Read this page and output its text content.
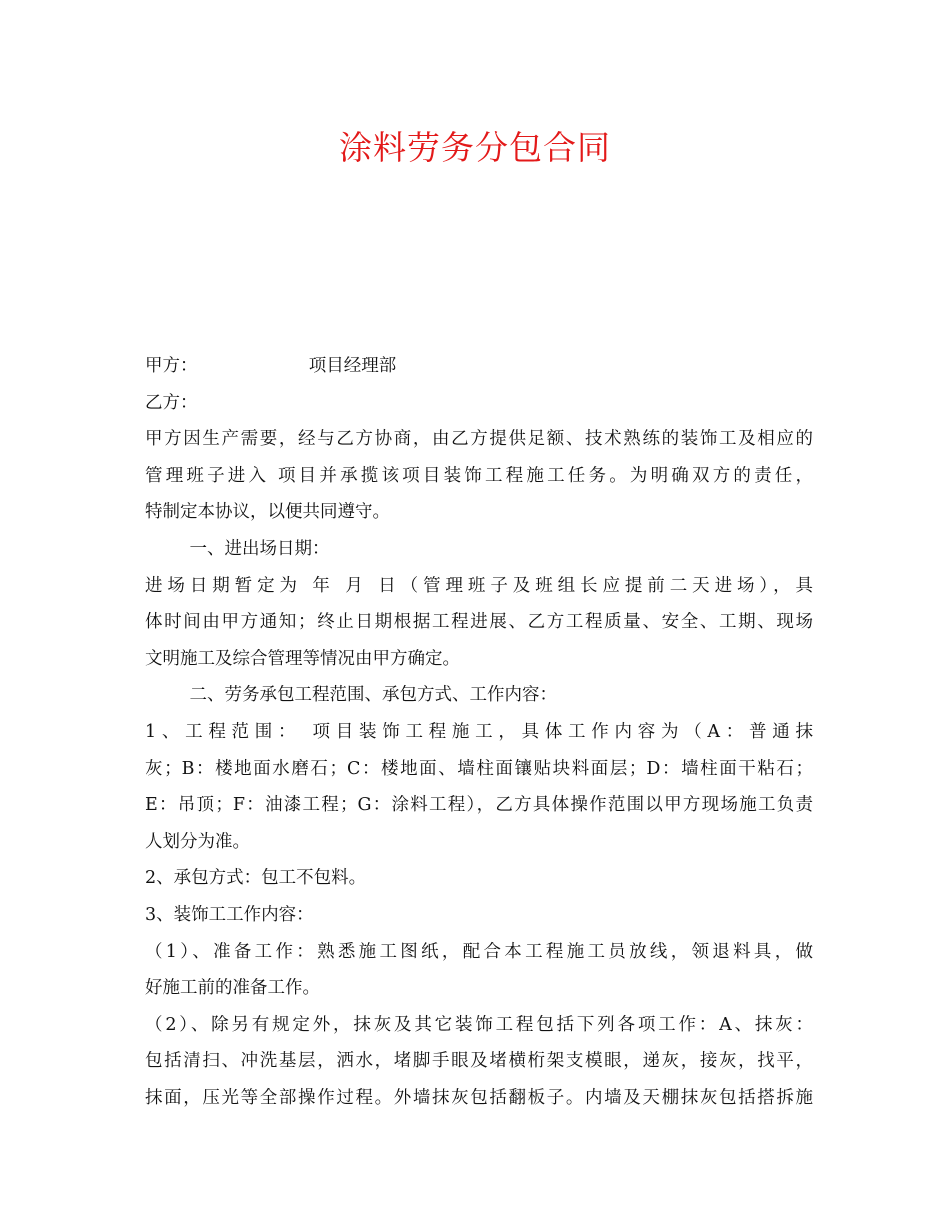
涂料劳务分包合同
甲方：                    项目经理部
乙方：
甲方因生产需要，经与乙方协商，由乙方提供足额、技术熟练的装饰工及相应的
管理班子进入 项目并承揽该项目装饰工程施工任务。为明确双方的责任，
特制定本协议，以便共同遵守。
一、进出场日期：
进场日期暂定为 年 月 日（管理班子及班组长应提前二天进场），具
体时间由甲方通知；终止日期根据工程进展、乙方工程质量、安全、工期、现场
文明施工及综合管理等情况由甲方确定。
二、劳务承包工程范围、承包方式、工作内容：
1、工程范围： 项目装饰工程施工，具体工作内容为（A：普通抹
灰；B：楼地面水磨石；C：楼地面、墙柱面镶贴块料面层；D：墙柱面干粘石；
E：吊顶；F：油漆工程；G：涂料工程），乙方具体操作范围以甲方现场施工负责
人划分为准。
2、承包方式：包工不包料。
3、装饰工工作内容：
（1）、准备工作：熟悉施工图纸，配合本工程施工员放线，领退料具，做
好施工前的准备工作。
（2）、除另有规定外，抹灰及其它装饰工程包括下列各项工作：A、抹灰：
包括清扫、冲洗基层，洒水，堵脚手眼及堵横桁架支模眼，递灰，接灰，找平，
抹面，压光等全部操作过程。外墙抹灰包括翻板子。内墙及天棚抹灰包括搭拆施
